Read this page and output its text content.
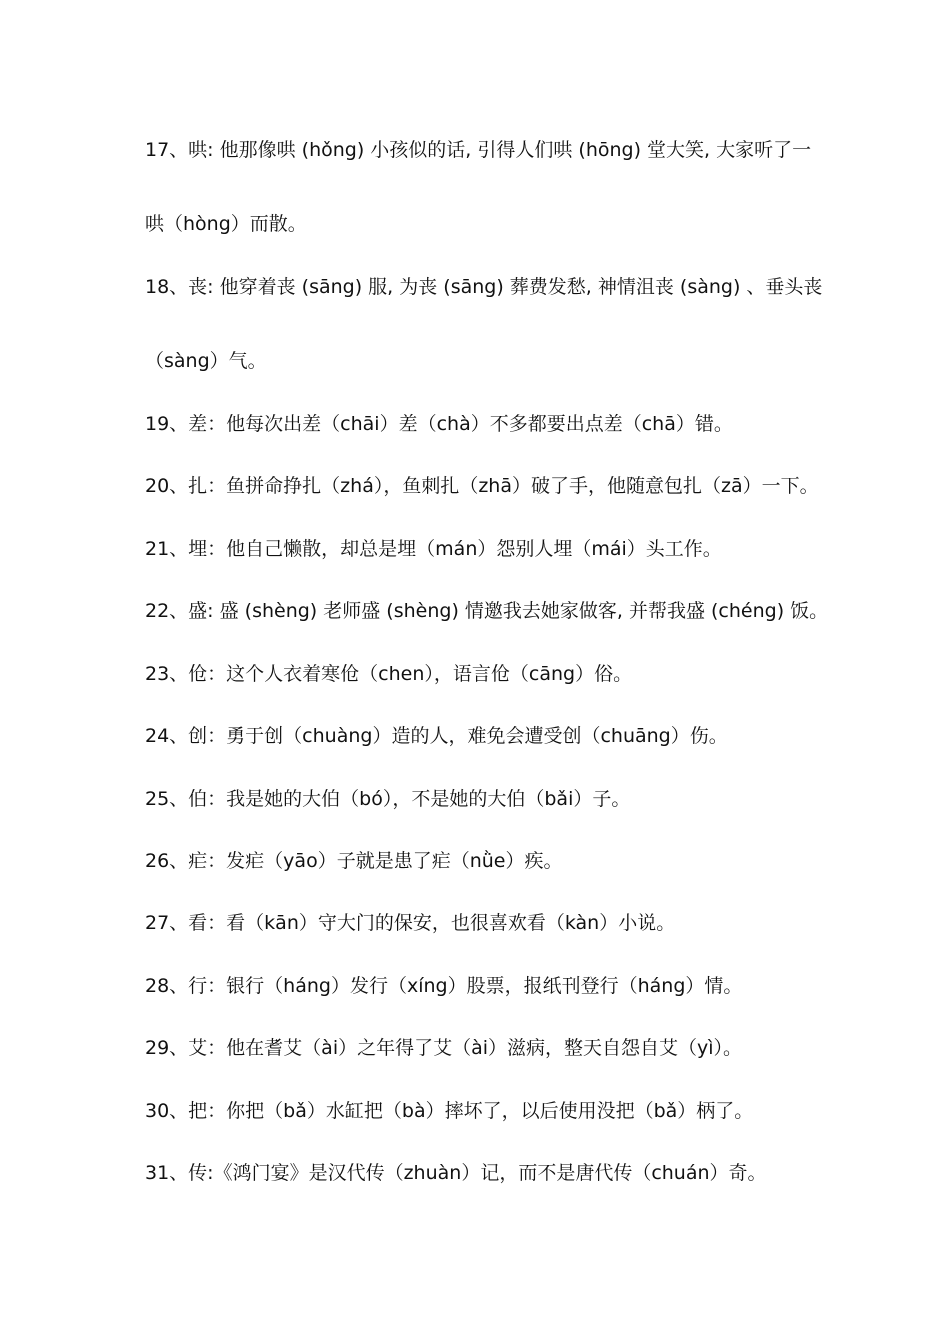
17、哄: 他那像哄 (hǒng) 小孩似的话, 引得人们哄 (hōng) 堂大笑, 大家听了一
哄（hòng）而散。
18、丧: 他穿着丧 (sāng) 服, 为丧 (sāng) 葬费发愁, 神情沮丧 (sàng) 、垂头丧
（sàng）气。
19、差：他每次出差（chāi）差（chà）不多都要出点差（chā）错。
20、扎：鱼拼命挣扎（zhá），鱼刺扎（zhā）破了手，他随意包扎（zā）一下。
21、埋：他自己懒散，却总是埋（mán）怨别人埋（mái）头工作。
22、盛: 盛 (shèng) 老师盛 (shèng) 情邀我去她家做客, 并帮我盛 (chéng) 饭。
23、伧：这个人衣着寒伧（chen），语言伧（cāng）俗。
24、创：勇于创（chuàng）造的人，难免会遭受创（chuāng）伤。
25、伯：我是她的大伯（bó），不是她的大伯（bǎi）子。
26、疟：发疟（yāo）子就是患了疟（nǜe）疾。
27、看：看（kān）守大门的保安，也很喜欢看（kàn）小说。
28、行：银行（háng）发行（xíng）股票，报纸刊登行（háng）情。
29、艾：他在耆艾（ài）之年得了艾（ài）滋病，整天自怨自艾（yì）。
30、把：你把（bǎ）水缸把（bà）摔坏了，以后使用没把（bǎ）柄了。
31、传:《鸿门宴》是汉代传（zhuàn）记，而不是唐代传（chuán）奇。
